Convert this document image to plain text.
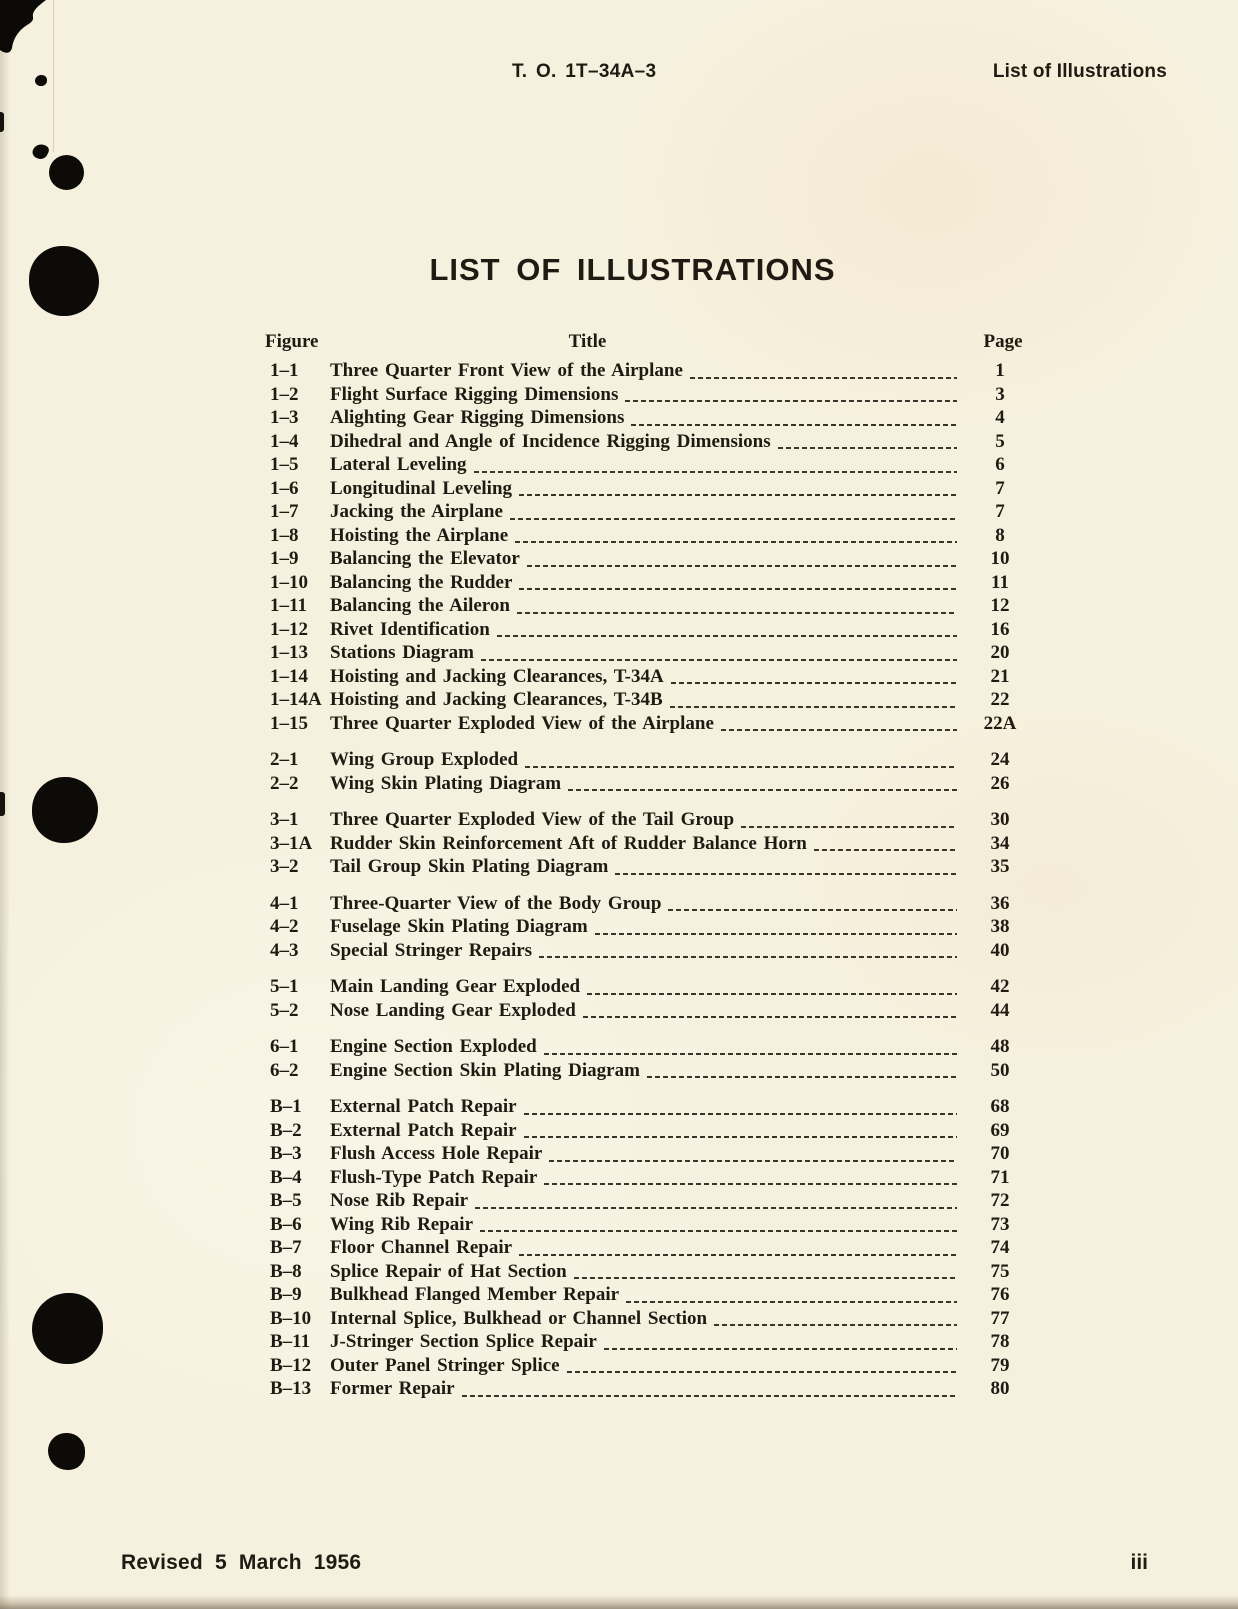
T. O. 1T–34A–3	List of Illustrations
LIST OF ILLUSTRATIONS
Figure	Title	Page
1–1	Three Quarter Front View of the Airplane	1
1–2	Flight Surface Rigging Dimensions	3
1–3	Alighting Gear Rigging Dimensions	4
1–4	Dihedral and Angle of Incidence Rigging Dimensions	5
1–5	Lateral Leveling	6
1–6	Longitudinal Leveling	7
1–7	Jacking the Airplane	7
1–8	Hoisting the Airplane	8
1–9	Balancing the Elevator	10
1–10	Balancing the Rudder	11
1–11	Balancing the Aileron	12
1–12	Rivet Identification	16
1–13	Stations Diagram	20
1–14	Hoisting and Jacking Clearances, T-34A	21
1–14A Hoisting and Jacking Clearances, T-34B	22
1–15	Three Quarter Exploded View of the Airplane	22A
2–1	Wing Group Exploded	24
2–2	Wing Skin Plating Diagram	26
3–1	Three Quarter Exploded View of the Tail Group	30
3–1A Rudder Skin Reinforcement Aft of Rudder Balance Horn	34
3–2	Tail Group Skin Plating Diagram	35
4–1	Three-Quarter View of the Body Group	36
4–2	Fuselage Skin Plating Diagram	38
4–3	Special Stringer Repairs	40
5–1	Main Landing Gear Exploded	42
5–2	Nose Landing Gear Exploded	44
6–1	Engine Section Exploded	48
6–2	Engine Section Skin Plating Diagram	50
B–1	External Patch Repair	68
B–2	External Patch Repair	69
B–3	Flush Access Hole Repair	70
B–4	Flush-Type Patch Repair	71
B–5	Nose Rib Repair	72
B–6	Wing Rib Repair	73
B–7	Floor Channel Repair	74
B–8	Splice Repair of Hat Section	75
B–9	Bulkhead Flanged Member Repair	76
B–10 Internal Splice, Bulkhead or Channel Section	77
B–11	J-Stringer Section Splice Repair	78
B–12 Outer Panel Stringer Splice	79
B–13 Former Repair	80
Revised 5 March 1956	iii
